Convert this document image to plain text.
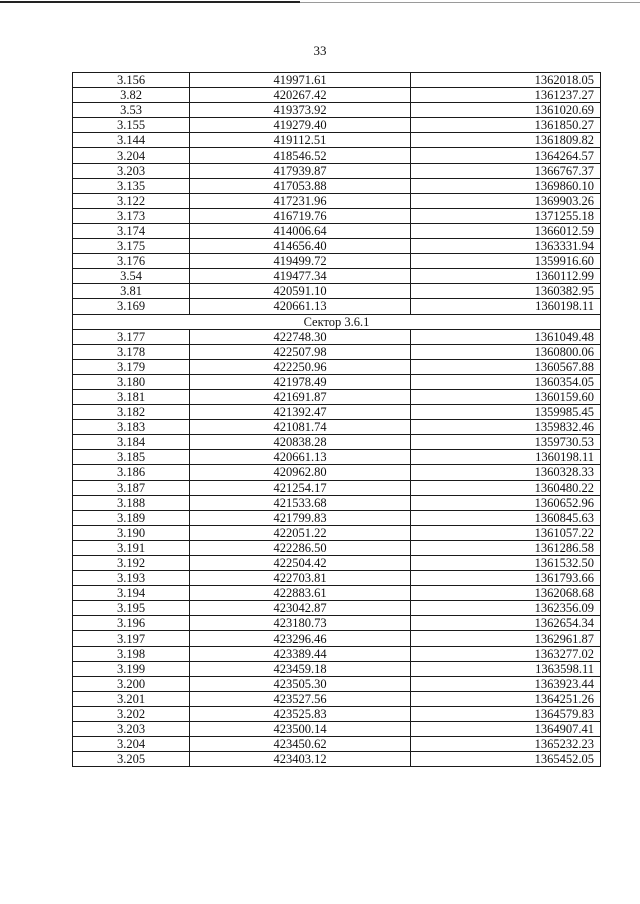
33
3.156	419971.61	1362018.05
3.82	420267.42	1361237.27
3.53	419373.92	1361020.69
3.155	419279.40	1361850.27
3.144	419112.51	1361809.82
3.204	418546.52	1364264.57
3.203	417939.87	1366767.37
3.135	417053.88	1369860.10
3.122	417231.96	1369903.26
3.173	416719.76	1371255.18
3.174	414006.64	1366012.59
3.175	414656.40	1363331.94
3.176	419499.72	1359916.60
3.54	419477.34	1360112.99
3.81	420591.10	1360382.95
3.169	420661.13	1360198.11
Сектор 3.6.1		
3.177	422748.30	1361049.48
3.178	422507.98	1360800.06
3.179	422250.96	1360567.88
3.180	421978.49	1360354.05
3.181	421691.87	1360159.60
3.182	421392.47	1359985.45
3.183	421081.74	1359832.46
3.184	420838.28	1359730.53
3.185	420661.13	1360198.11
3.186	420962.80	1360328.33
3.187	421254.17	1360480.22
3.188	421533.68	1360652.96
3.189	421799.83	1360845.63
3.190	422051.22	1361057.22
3.191	422286.50	1361286.58
3.192	422504.42	1361532.50
3.193	422703.81	1361793.66
3.194	422883.61	1362068.68
3.195	423042.87	1362356.09
3.196	423180.73	1362654.34
3.197	423296.46	1362961.87
3.198	423389.44	1363277.02
3.199	423459.18	1363598.11
3.200	423505.30	1363923.44
3.201	423527.56	1364251.26
3.202	423525.83	1364579.83
3.203	423500.14	1364907.41
3.204	423450.62	1365232.23
3.205	423403.12	1365452.05
